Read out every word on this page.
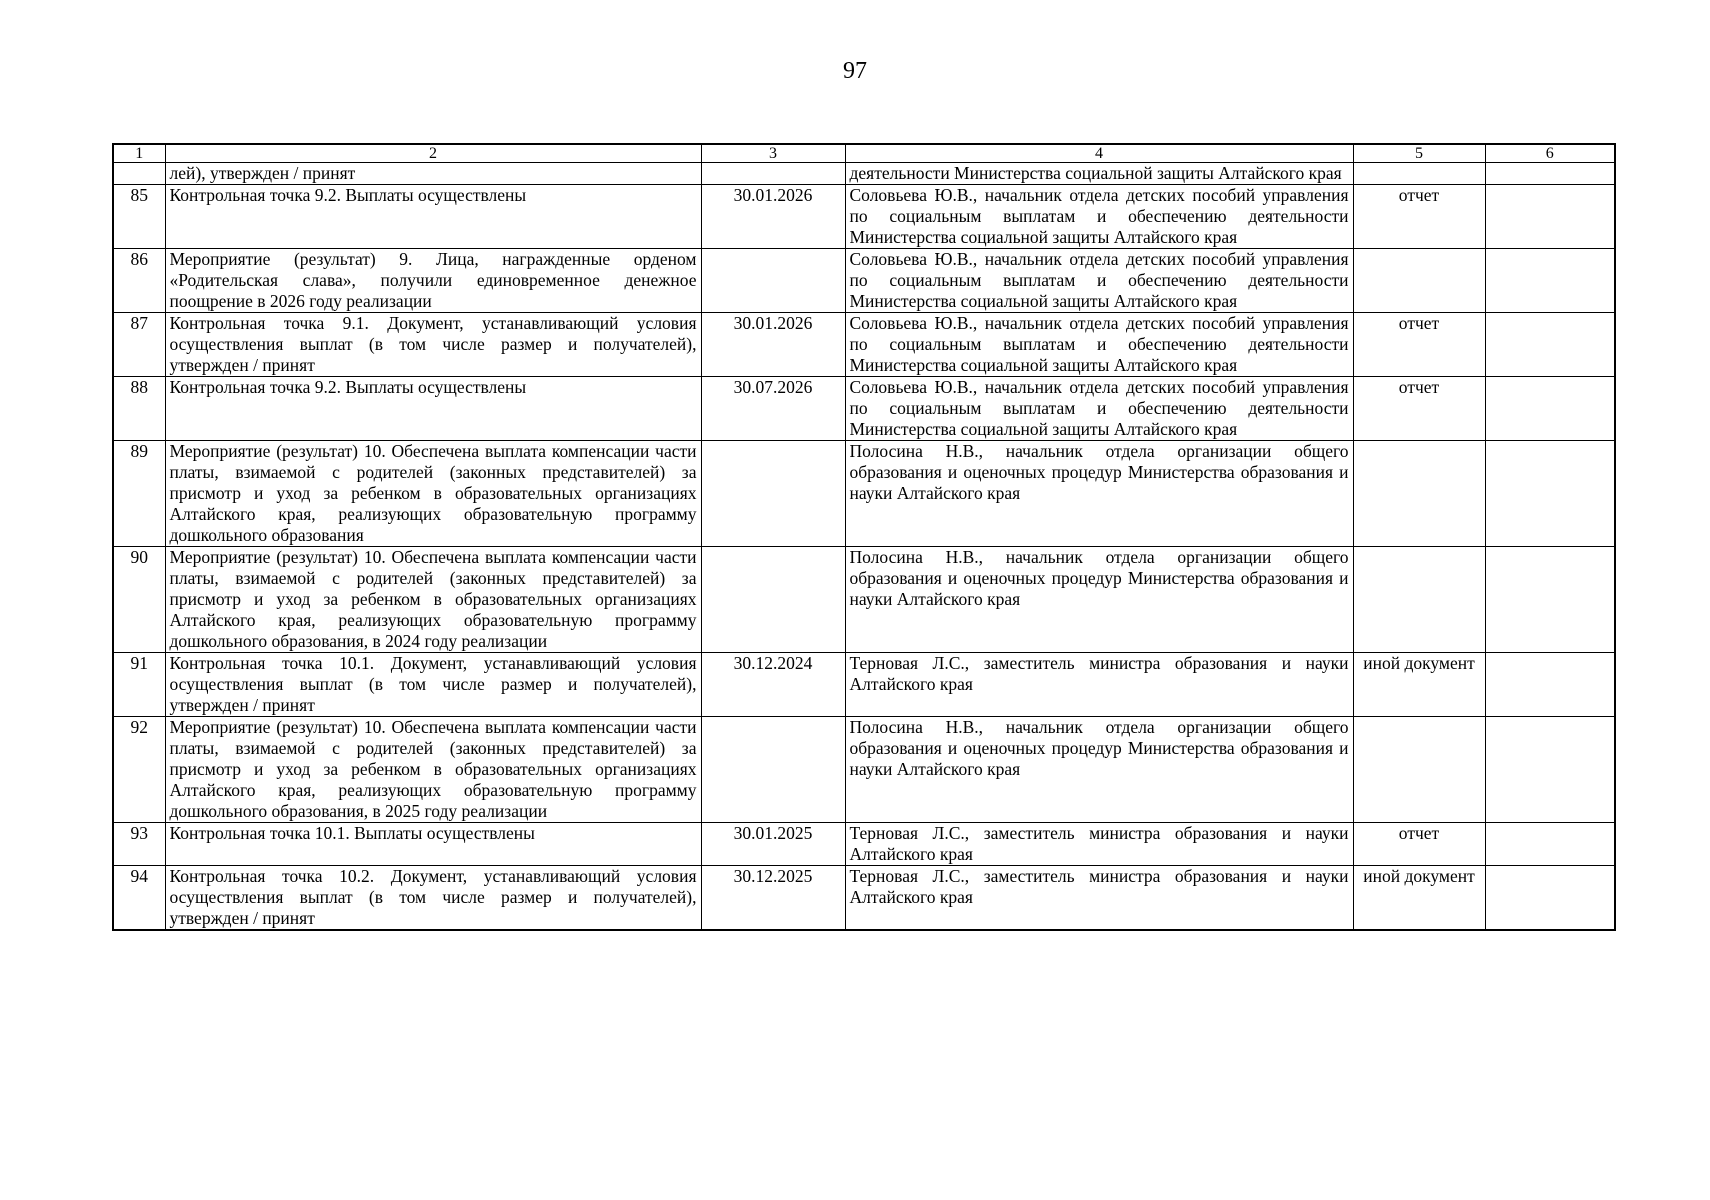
97
1	2	3	4	5	6
	лей), утвержден / принят		деятельности Министерства социальной защиты Алтайского края		
85	Контрольная точка 9.2. Выплаты осуществлены	30.01.2026	Соловьева Ю.В., начальник отдела детских пособий управления по социальным выплатам и обеспечению деятельности Министерства социальной защиты Алтайского края	отчет	
86	Мероприятие (результат) 9. Лица, награжденные орденом «Родительская слава», получили единовременное денежное поощрение в 2026 году реализации		Соловьева Ю.В., начальник отдела детских пособий управления по социальным выплатам и обеспечению деятельности Министерства социальной защиты Алтайского края		
87	Контрольная точка 9.1. Документ, устанавливающий условия осуществления выплат (в том числе размер и получателей), утвержден / принят	30.01.2026	Соловьева Ю.В., начальник отдела детских пособий управления по социальным выплатам и обеспечению деятельности Министерства социальной защиты Алтайского края	отчет	
88	Контрольная точка 9.2. Выплаты осуществлены	30.07.2026	Соловьева Ю.В., начальник отдела детских пособий управления по социальным выплатам и обеспечению деятельности Министерства социальной защиты Алтайского края	отчет	
89	Мероприятие (результат) 10. Обеспечена выплата компенсации части платы, взимаемой с родителей (законных представителей) за присмотр и уход за ребенком в образовательных организациях Алтайского края, реализующих образовательную программу дошкольного образования		Полосина Н.В., начальник отдела организации общего образования и оценочных процедур Министерства образования и науки Алтайского края		
90	Мероприятие (результат) 10. Обеспечена выплата компенсации части платы, взимаемой с родителей (законных представителей) за присмотр и уход за ребенком в образовательных организациях Алтайского края, реализующих образовательную программу дошкольного образования, в 2024 году реализации		Полосина Н.В., начальник отдела организации общего образования и оценочных процедур Министерства образования и науки Алтайского края		
91	Контрольная точка 10.1. Документ, устанавливающий условия осуществления выплат (в том числе размер и получателей), утвержден / принят	30.12.2024	Терновая Л.С., заместитель министра образования и науки Алтайского края	иной документ	
92	Мероприятие (результат) 10. Обеспечена выплата компенсации части платы, взимаемой с родителей (законных представителей) за присмотр и уход за ребенком в образовательных организациях Алтайского края, реализующих образовательную программу дошкольного образования, в 2025 году реализации		Полосина Н.В., начальник отдела организации общего образования и оценочных процедур Министерства образования и науки Алтайского края		
93	Контрольная точка 10.1. Выплаты осуществлены	30.01.2025	Терновая Л.С., заместитель министра образования и науки Алтайского края	отчет	
94	Контрольная точка 10.2. Документ, устанавливающий условия осуществления выплат (в том числе размер и получателей), утвержден / принят	30.12.2025	Терновая Л.С., заместитель министра образования и науки Алтайского края	иной документ	
